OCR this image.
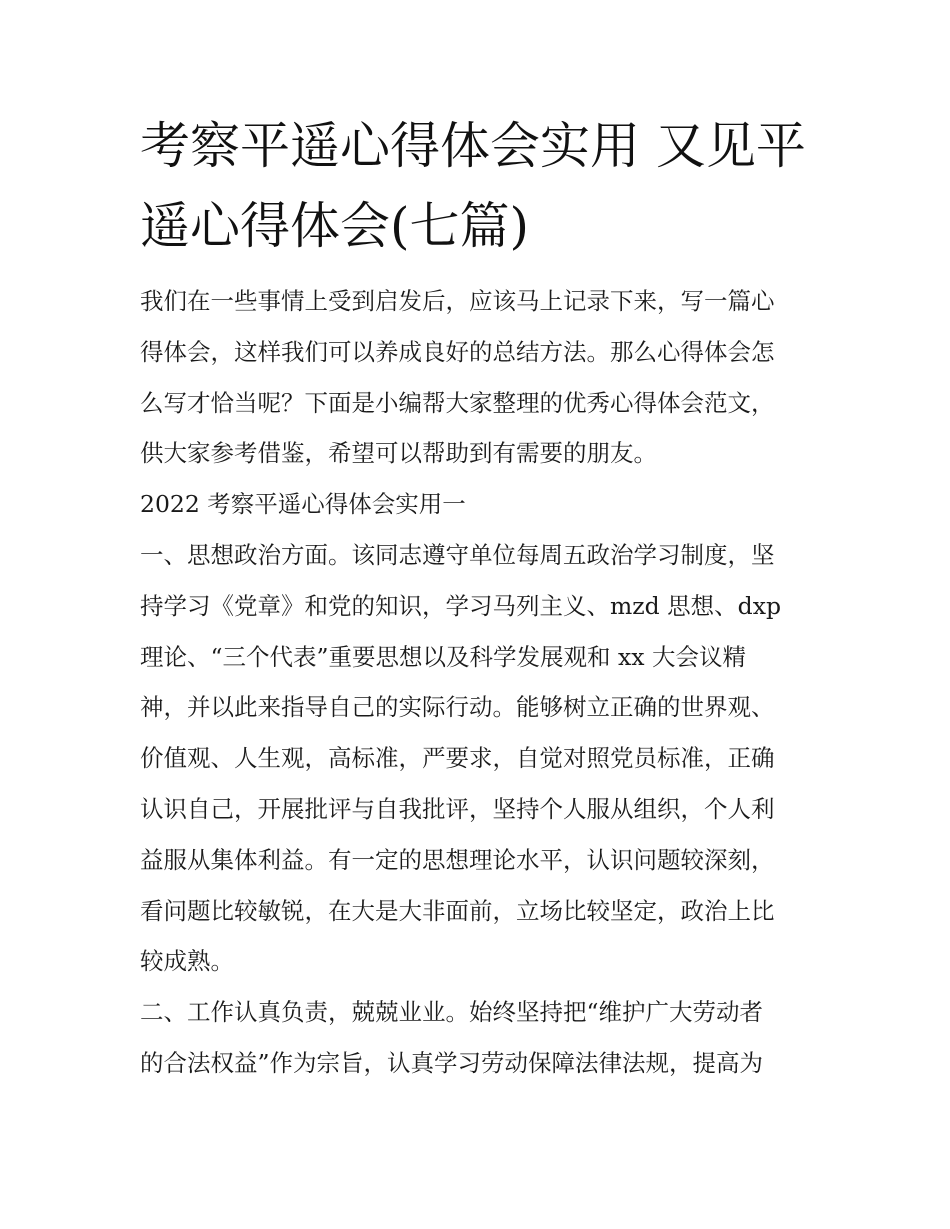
考察平遥心得体会实用 又见平
遥心得体会(七篇)

我们在一些事情上受到启发后，应该马上记录下来，写一篇心

得体会，这样我们可以养成良好的总结方法。那么心得体会怎

么写才恰当呢？下面是小编帮大家整理的优秀心得体会范文，

供大家参考借鉴，希望可以帮助到有需要的朋友。

2022 考察平遥心得体会实用一

一、思想政治方面。该同志遵守单位每周五政治学习制度，坚

持学习《党章》和党的知识，学习马列主义、mzd 思想、dxp

理论、“三个代表”重要思想以及科学发展观和 xx 大会议精

神，并以此来指导自己的实际行动。能够树立正确的世界观、

价值观、人生观，高标准，严要求，自觉对照党员标准，正确

认识自己，开展批评与自我批评，坚持个人服从组织，个人利

益服从集体利益。有一定的思想理论水平，认识问题较深刻，

看问题比较敏锐，在大是大非面前，立场比较坚定，政治上比

较成熟。

二、工作认真负责，兢兢业业。始终坚持把“维护广大劳动者

的合法权益”作为宗旨，认真学习劳动保障法律法规，提高为
